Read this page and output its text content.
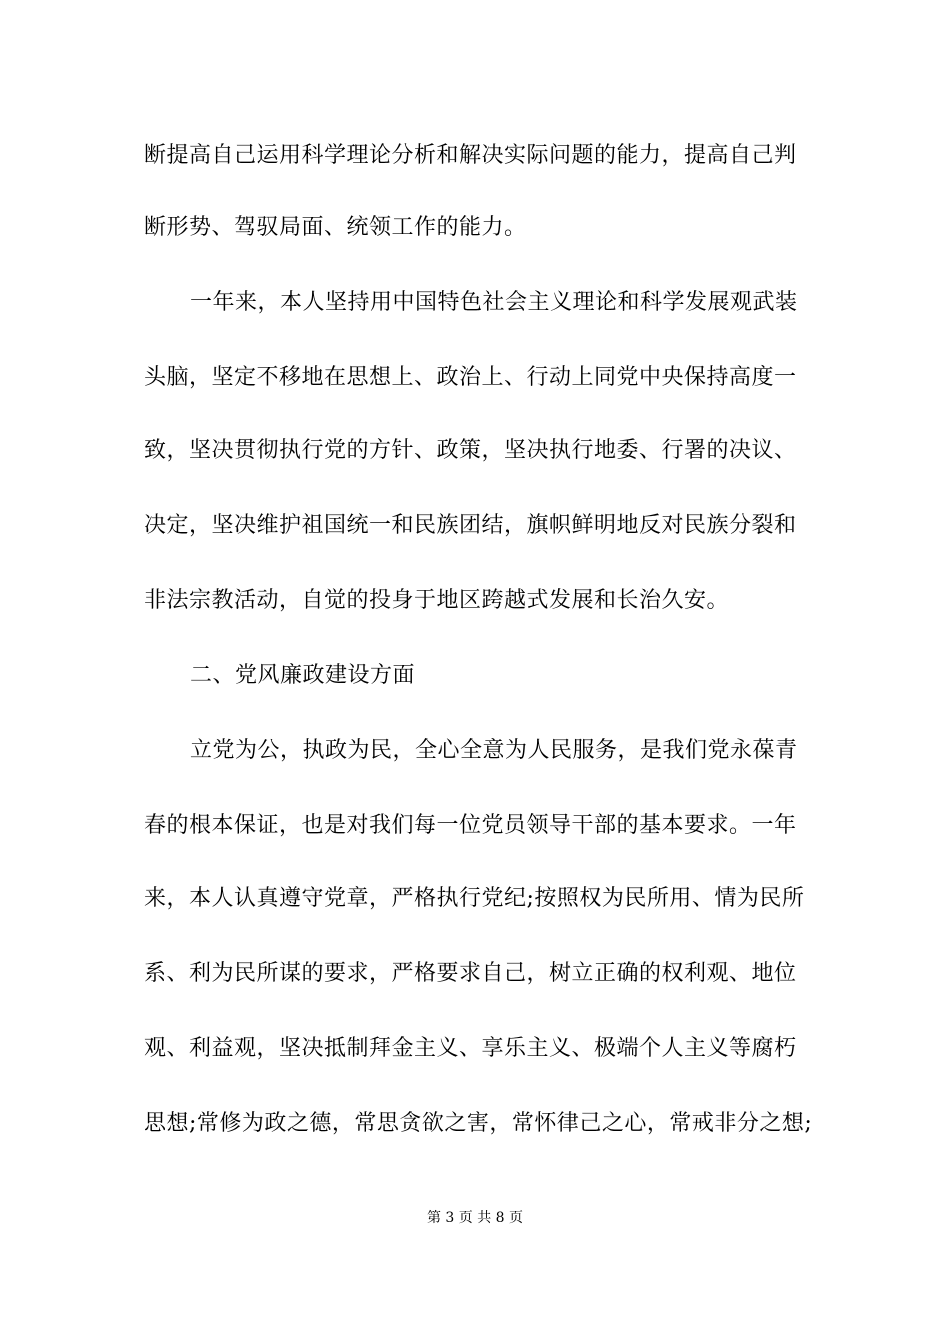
断提高自己运用科学理论分析和解决实际问题的能力，提高自己判
断形势、驾驭局面、统领工作的能力。
一年来，本人坚持用中国特色社会主义理论和科学发展观武装
头脑，坚定不移地在思想上、政治上、行动上同党中央保持高度一
致，坚决贯彻执行党的方针、政策，坚决执行地委、行署的决议、
决定，坚决维护祖国统一和民族团结，旗帜鲜明地反对民族分裂和
非法宗教活动，自觉的投身于地区跨越式发展和长治久安。
二、党风廉政建设方面
立党为公，执政为民，全心全意为人民服务，是我们党永葆青
春的根本保证，也是对我们每一位党员领导干部的基本要求。一年
来，本人认真遵守党章，严格执行党纪;按照权为民所用、情为民所
系、利为民所谋的要求，严格要求自己，树立正确的权利观、地位
观、利益观，坚决抵制拜金主义、享乐主义、极端个人主义等腐朽
思想;常修为政之德，常思贪欲之害，常怀律己之心，常戒非分之想;
第 3 页 共 8 页
